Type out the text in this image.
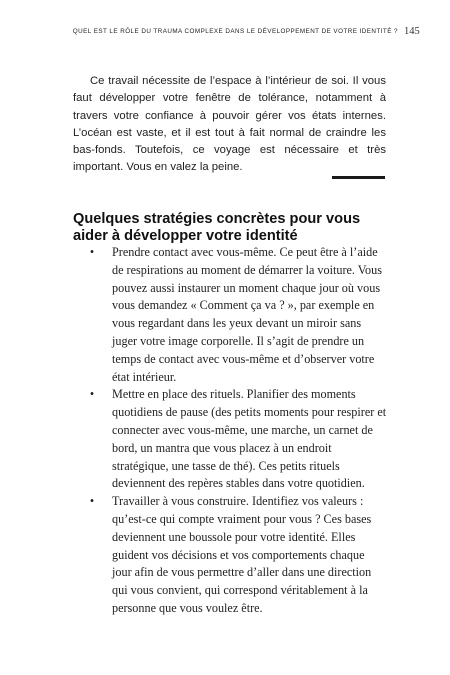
QUEL EST LE RÔLE DU TRAUMA COMPLEXE DANS LE DÉVELOPPEMENT DE VOTRE IDENTITÉ ? 145

Ce travail nécessite de l’espace à l’intérieur de soi. Il vous faut développer votre fenêtre de tolérance, notamment à travers votre confiance à pouvoir gérer vos états internes. L’océan est vaste, et il est tout à fait normal de craindre les bas-fonds. Toutefois, ce voyage est nécessaire et très important. Vous en valez la peine.

Quelques stratégies concrètes pour vous aider à développer votre identité
• Prendre contact avec vous-même. Ce peut être à l’aide de respirations au moment de démarrer la voiture. Vous pouvez aussi instaurer un moment chaque jour où vous vous demandez « Comment ça va ? », par exemple en vous regardant dans les yeux devant un miroir sans juger votre image corporelle. Il s’agit de prendre un temps de contact avec vous-même et d’observer votre état intérieur.
• Mettre en place des rituels. Planifier des moments quotidiens de pause (des petits moments pour respirer et connecter avec vous-même, une marche, un carnet de bord, un mantra que vous placez à un endroit stratégique, une tasse de thé). Ces petits rituels deviennent des repères stables dans votre quotidien.
• Travailler à vous construire. Identifiez vos valeurs : qu’est-ce qui compte vraiment pour vous ? Ces bases deviennent une boussole pour votre identité. Elles guident vos décisions et vos comportements chaque jour afin de vous permettre d’aller dans une direction qui vous convient, qui correspond véritablement à la personne que vous voulez être.
